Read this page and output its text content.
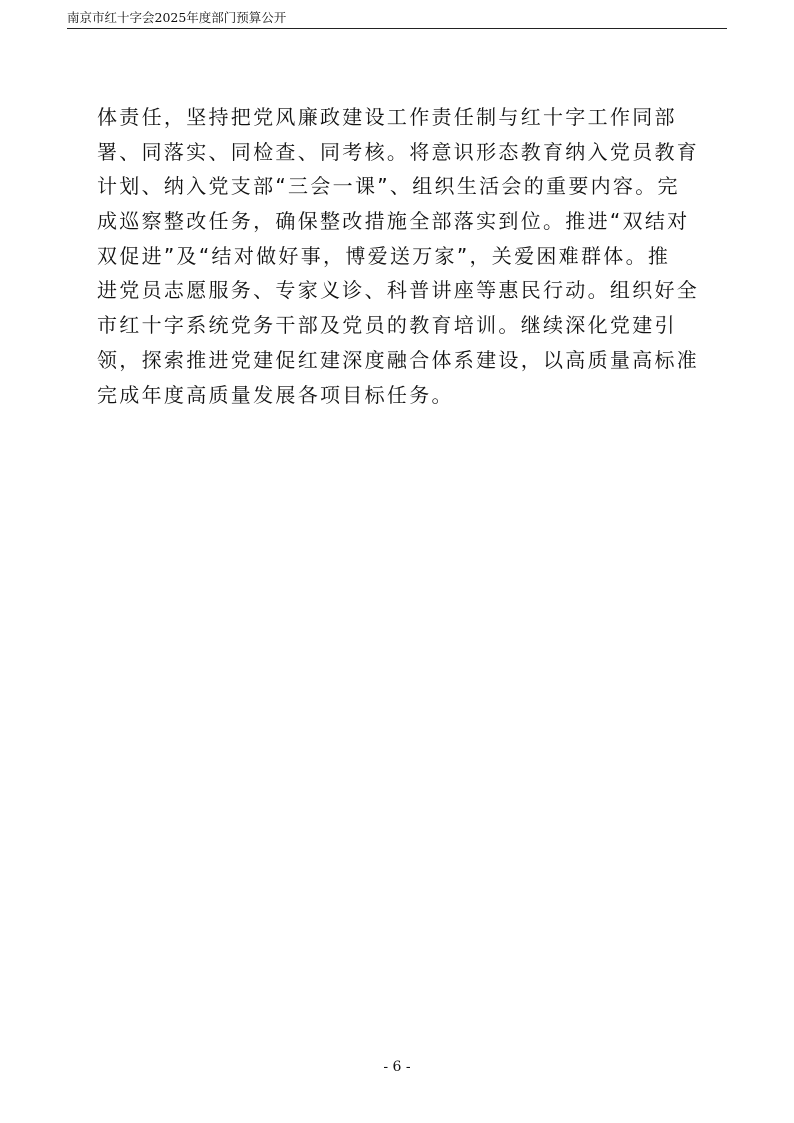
南京市红十字会2025年度部门预算公开
体责任，坚持把党风廉政建设工作责任制与红十字工作同部
署、同落实、同检查、同考核。将意识形态教育纳入党员教育
计划、纳入党支部“三会一课”、组织生活会的重要内容。完
成巡察整改任务，确保整改措施全部落实到位。推进“双结对
双促进”及“结对做好事，博爱送万家”，关爱困难群体。推
进党员志愿服务、专家义诊、科普讲座等惠民行动。组织好全
市红十字系统党务干部及党员的教育培训。继续深化党建引
领，探索推进党建促红建深度融合体系建设，以高质量高标准
完成年度高质量发展各项目标任务。
- 6 -
